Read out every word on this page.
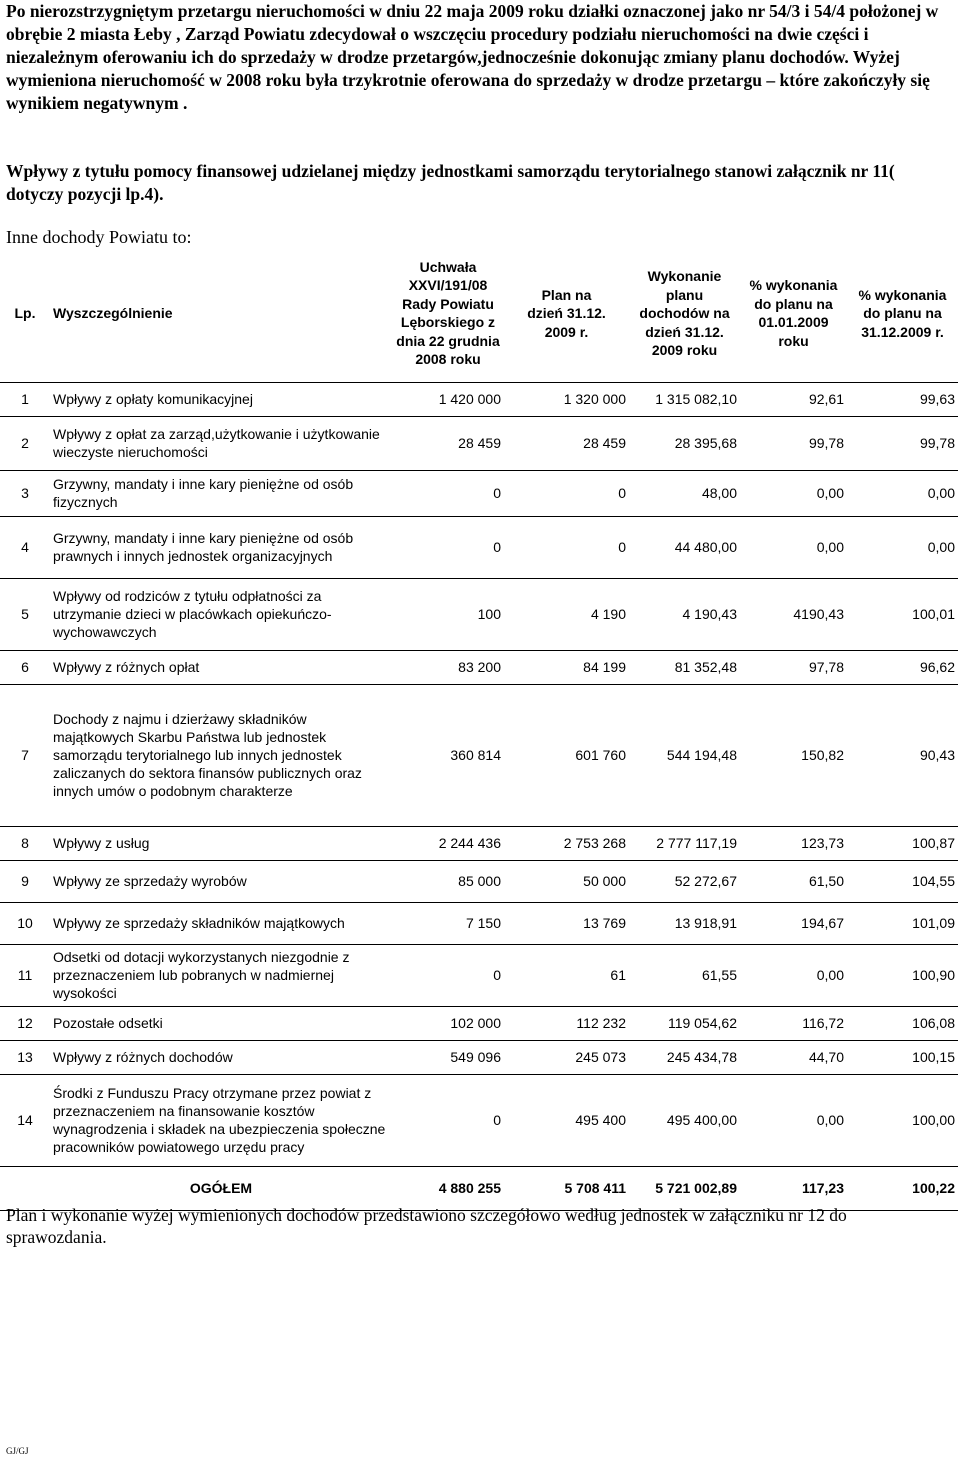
Po nierozstrzygniętym przetargu nieruchomości w dniu 22 maja 2009 roku działki oznaczonej jako nr 54/3 i 54/4 położonej w obrębie 2 miasta Łeby , Zarząd Powiatu zdecydował o wszczęciu procedury podziału nieruchomości na dwie części i niezależnym oferowaniu ich do sprzedaży w drodze przetargów,jednocześnie dokonując zmiany planu dochodów. Wyżej wymieniona nieruchomość w 2008 roku była trzykrotnie oferowana do sprzedaży w drodze przetargu – które zakończyły się wynikiem negatywnym .

Wpływy z tytułu pomocy finansowej udzielanej między jednostkami samorządu terytorialnego stanowi załącznik nr 11( dotyczy pozycji lp.4).

Inne dochody Powiatu to:

Lp.	Wyszczególnienie	Uchwała XXVI/191/08 Rady Powiatu Lęborskiego z dnia 22 grudnia 2008 roku	Plan na dzień 31.12. 2009 r.	Wykonanie planu dochodów na dzień 31.12. 2009 roku	% wykonania do planu na 01.01.2009 roku	% wykonania do planu na 31.12.2009 r.
1	Wpływy z opłaty komunikacyjnej	1 420 000	1 320 000	1 315 082,10	92,61	99,63
2	Wpływy z opłat za zarząd,użytkowanie i użytkowanie wieczyste nieruchomości	28 459	28 459	28 395,68	99,78	99,78
3	Grzywny, mandaty i inne kary pieniężne od osób fizycznych	0	0	48,00	0,00	0,00
4	Grzywny, mandaty i inne kary pieniężne od osób prawnych i innych jednostek organizacyjnych	0	0	44 480,00	0,00	0,00
5	Wpływy od rodziców z tytułu odpłatności za utrzymanie dzieci w placówkach opiekuńczo-wychowawczych	100	4 190	4 190,43	4190,43	100,01
6	Wpływy z różnych opłat	83 200	84 199	81 352,48	97,78	96,62
7	Dochody z najmu i dzierżawy składników majątkowych Skarbu Państwa lub jednostek samorządu terytorialnego lub innych jednostek zaliczanych do sektora finansów publicznych oraz innych umów o podobnym charakterze	360 814	601 760	544 194,48	150,82	90,43
8	Wpływy z usług	2 244 436	2 753 268	2 777 117,19	123,73	100,87
9	Wpływy ze sprzedaży wyrobów	85 000	50 000	52 272,67	61,50	104,55
10	Wpływy ze sprzedaży składników majątkowych	7 150	13 769	13 918,91	194,67	101,09
11	Odsetki od dotacji wykorzystanych niezgodnie z przeznaczeniem lub pobranych w nadmiernej wysokości	0	61	61,55	0,00	100,90
12	Pozostałe odsetki	102 000	112 232	119 054,62	116,72	106,08
13	Wpływy z różnych dochodów	549 096	245 073	245 434,78	44,70	100,15
14	Środki z Funduszu Pracy otrzymane przez powiat z przeznaczeniem na finansowanie kosztów wynagrodzenia i składek na ubezpieczenia społeczne pracowników powiatowego urzędu pracy	0	495 400	495 400,00	0,00	100,00
	OGÓŁEM	4 880 255	5 708 411	5 721 002,89	117,23	100,22

Plan i wykonanie wyżej wymienionych dochodów przedstawiono szczegółowo według jednostek w załączniku nr 12 do sprawozdania.

GJ/GJ
